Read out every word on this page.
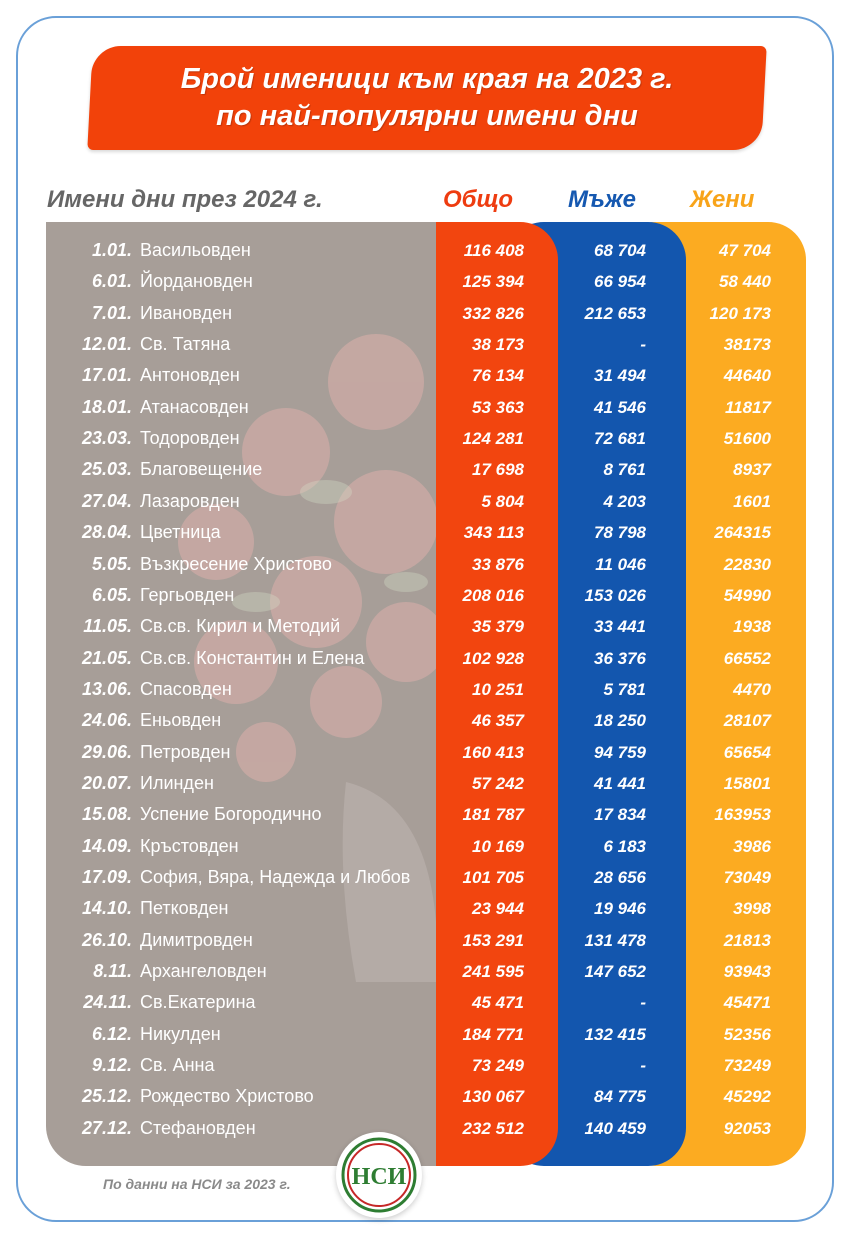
Брой именици към края на 2023 г.
по най-популярни имени дни
Имени дни през 2024 г.	Общо Мъже Жени
1.01. Васильовден	116 408	68 704	47 704
6.01. Йордановден	125 394	66 954	58 440
7.01. Ивановден	332 826	212 653	120 173
12.01. Св. Татяна	38 173	-	38173
17.01. Антоновден	76 134	31 494	44640
18.01. Атанасовден	53 363	41 546	11817
23.03. Тодоровден	124 281	72 681	51600
25.03. Благовещение	17 698	8 761	8937
27.04. Лазаровден	5 804	4 203	1601
28.04. Цветница	343 113	78 798	264315
5.05. Възкресение Христово	33 876	11 046	22830
6.05. Гергьовден	208 016	153 026	54990
11.05. Св.св. Кирил и Методий	35 379	33 441	1938
21.05. Св.св. Константин и Елена	102 928	36 376	66552
13.06. Спасовден	10 251	5 781	4470
24.06. Еньовден	46 357	18 250	28107
29.06. Петровден	160 413	94 759	65654
20.07. Илинден	57 242	41 441	15801
15.08. Успение Богородично	181 787	17 834	163953
14.09. Кръстовден	10 169	6 183	3986
17.09. София, Вяра, Надежда и Любов	101 705	28 656	73049
14.10. Петковден	23 944	19 946	3998
26.10. Димитровден	153 291	131 478	21813
8.11. Архангеловден	241 595	147 652	93943
24.11. Св.Екатерина	45 471	-	45471
6.12. Никулден	184 771	132 415	52356
9.12. Св. Анна	73 249	-	73249
25.12. Рождество Христово	130 067	84 775	45292
27.12. Стефановден	232 512	140 459	92053
По данни на НСИ за 2023 г.	НСИ
